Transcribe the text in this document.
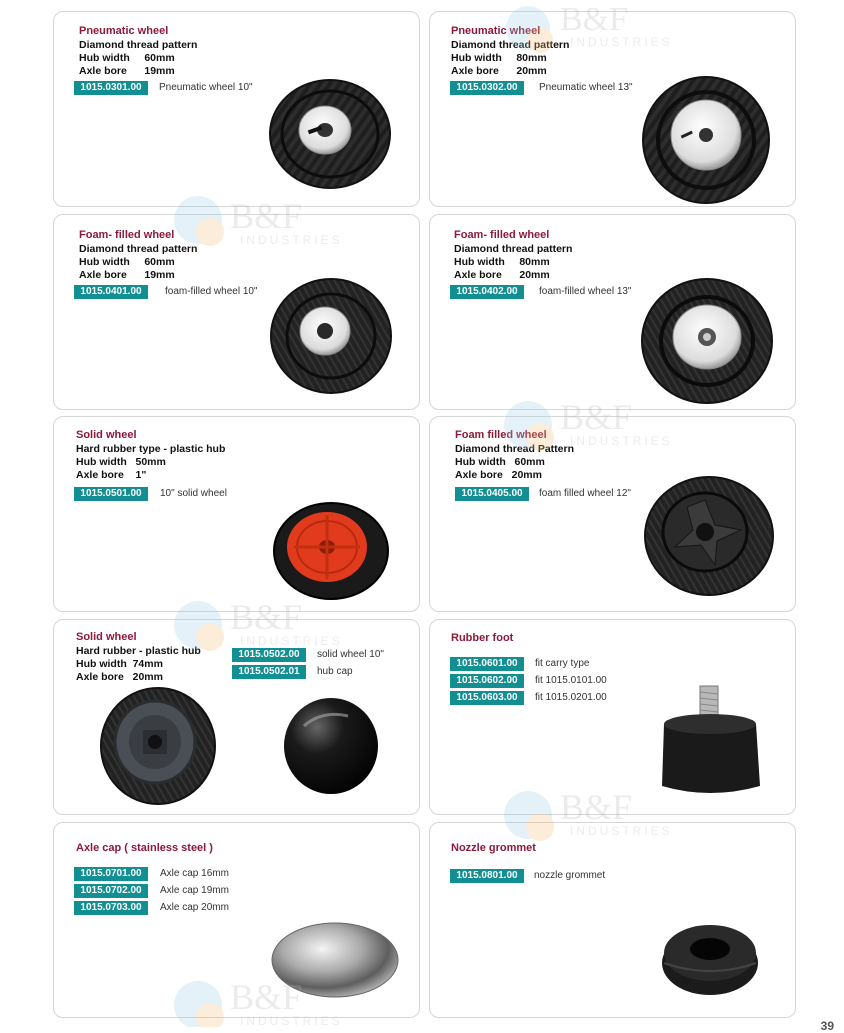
Pneumatic wheel
Diamond thread pattern
Hub width     60mm
Axle bore      19mm
1015.0301.00	Pneumatic wheel 10"
Pneumatic wheel
Diamond thread pattern
Hub width     80mm
Axle bore      20mm
1015.0302.00	Pneumatic wheel 13"
Foam- filled wheel
Diamond thread pattern
Hub width     60mm
Axle bore      19mm
1015.0401.00	foam-filled wheel 10"
Foam- filled wheel
Diamond thread pattern
Hub width     80mm
Axle bore      20mm
1015.0402.00	foam-filled wheel 13"
Solid wheel
Hard rubber type - plastic hub
Hub width   50mm
Axle bore    1"
1015.0501.00	10" solid wheel
Foam filled wheel
Diamond thread Pattern
Hub width   60mm
Axle bore   20mm
1015.0405.00	foam filled wheel 12"
Solid wheel
Hard rubber - plastic hub
Hub width  74mm
Axle bore   20mm
1015.0502.00	solid wheel 10"
1015.0502.01	hub cap
Rubber foot
1015.0601.00	fit carry type
1015.0602.00	fit 1015.0101.00
1015.0603.00	fit 1015.0201.00
Axle cap ( stainless steel )
1015.0701.00	Axle cap 16mm
1015.0702.00	Axle cap 19mm
1015.0703.00	Axle cap 20mm
Nozzle grommet
1015.0801.00	nozzle grommet
B&F
INDUSTRIES
B&F
INDUSTRIES
B&F
INDUSTRIES
B&F
INDUSTRIES
B&F
INDUSTRIES
B&F
INDUSTRIES	39
